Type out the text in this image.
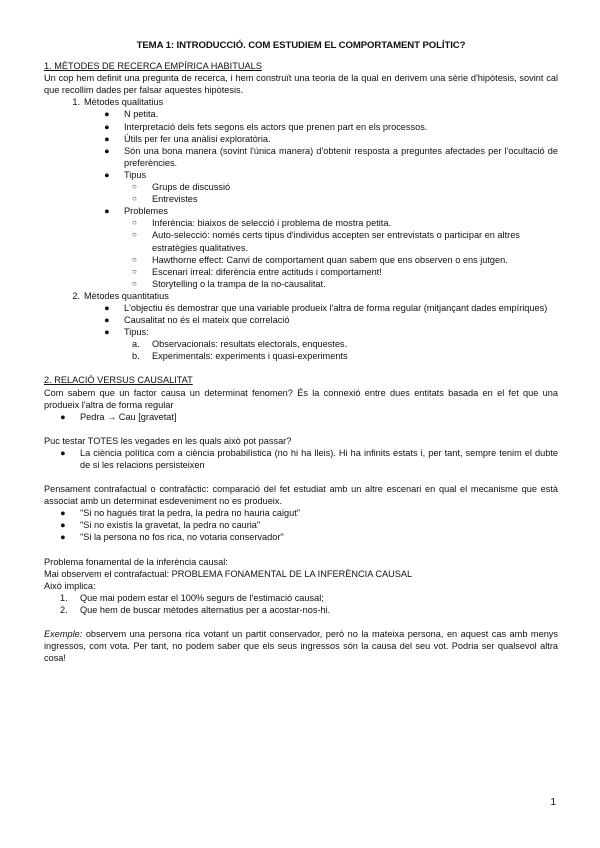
TEMA 1: INTRODUCCIÓ. COM ESTUDIEM EL COMPORTAMENT POLÍTIC?

1. MÈTODES DE RECERCA EMPÍRICA HABITUALS

Un cop hem definit una pregunta de recerca, i hem construït una teoria de la qual en derivem una sèrie d'hipòtesis, sovint cal que recollim dades per falsar aquestes hipòtesis.

1. Mètodes qualitatius
●	N petita.
●	Interpretació dels fets segons els actors que prenen part en els processos.
●	Útils per fer una anàlisi exploratòria.
●	Són una bona manera (sovint l'única manera) d'obtenir resposta a preguntes afectades per l'ocultació de preferències.
●	Tipus
○	Grups de discussió
○	Entrevistes
●	Problemes
○	Inferència: biaixos de selecció i problema de mostra petita.
○	Auto-selecció: només certs tipus d'individus accepten ser entrevistats o participar en altres estratègies qualitatives.
○	Hawthorne effect: Canvi de comportament quan sabem que ens observen o ens jutgen.
○	Escenari irreal: diferència entre actituds i comportament!
○	Storytelling o la trampa de la no-causalitat.
2. Mètodes quantitatius
●	L'objectiu és demostrar que una variable produeix l'altra de forma regular (mitjançant dades empíriques)
●	Causalitat no és el mateix que correlació
●	Tipus:
a.	Observacionals: resultats electorals, enquestes.
b.	Experimentals: experiments i quasi-experiments

2. RELACIÓ VERSUS CAUSALITAT

Com sabem que un factor causa un determinat fenomen? És la connexió entre dues entitats basada en el fet que una produeix l'altra de forma regular

●	Pedra → Cau [gravetat]

Puc testar TOTES les vegades en les quals això pot passar?

●	La ciència política com a ciència probabilística (no hi ha lleis). Hi ha infinits estats i, per tant, sempre tenim el dubte de si les relacions persisteixen

Pensament contrafactual o contrafàctic: comparació del fet estudiat amb un altre escenari en qual el mecanisme que està associat amb un determinat esdeveniment no es produeix.

●	"Si no hagués tirat la pedra, la pedra no hauria caigut"
●	"Si no existís la gravetat, la pedra no cauria"
●	"Si la persona no fos rica, no votaria conservador"

Problema fonamental de la inferència causal:

Mai observem el contrafactual: PROBLEMA FONAMENTAL DE LA INFERÈNCIA CAUSAL

Això implica:

1.	Que mai podem estar el 100% segurs de l'estimació causal;
2.	Que hem de buscar mètodes alternatius per a acostar-nos-hi.

Exemple: observem una persona rica votant un partit conservador, però no la mateixa persona, en aquest cas amb menys ingressos, com vota. Per tant, no podem saber que els seus ingressos són la causa del seu vot. Podria ser qualsevol altra cosa!

1
